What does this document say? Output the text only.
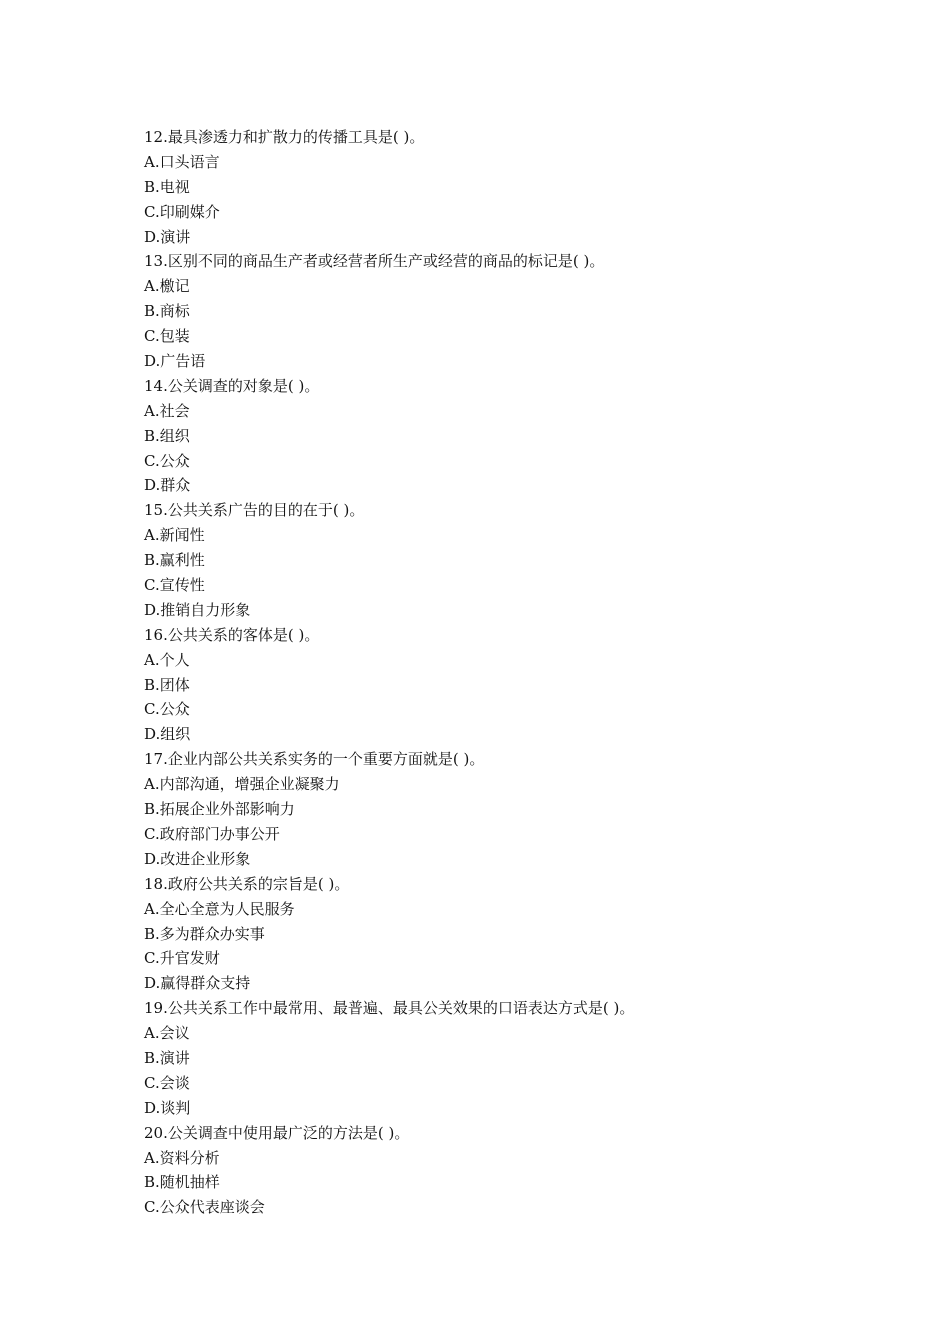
12.最具渗透力和扩散力的传播工具是( )。
A.口头语言
B.电视
C.印刷媒介
D.演讲
13.区别不同的商品生产者或经营者所生产或经营的商品的标记是( )。
A.檄记
B.商标
C.包装
D.广告语
14.公关调查的对象是( )。
A.社会
B.组织
C.公众
D.群众
15.公共关系广告的目的在于( )。
A.新闻性
B.赢利性
C.宣传性
D.推销自力形象
16.公共关系的客体是( )。
A.个人
B.团体
C.公众
D.组织
17.企业内部公共关系实务的一个重要方面就是( )。
A.内部沟通，增强企业凝聚力
B.拓展企业外部影响力
C.政府部门办事公开
D.改进企业形象
18.政府公共关系的宗旨是( )。
A.全心全意为人民服务
B.多为群众办实事
C.升官发财
D.赢得群众支持
19.公共关系工作中最常用、最普遍、最具公关效果的口语表达方式是( )。
A.会议
B.演讲
C.会谈
D.谈判
20.公关调查中使用最广泛的方法是( )。
A.资料分析
B.随机抽样
C.公众代表座谈会
